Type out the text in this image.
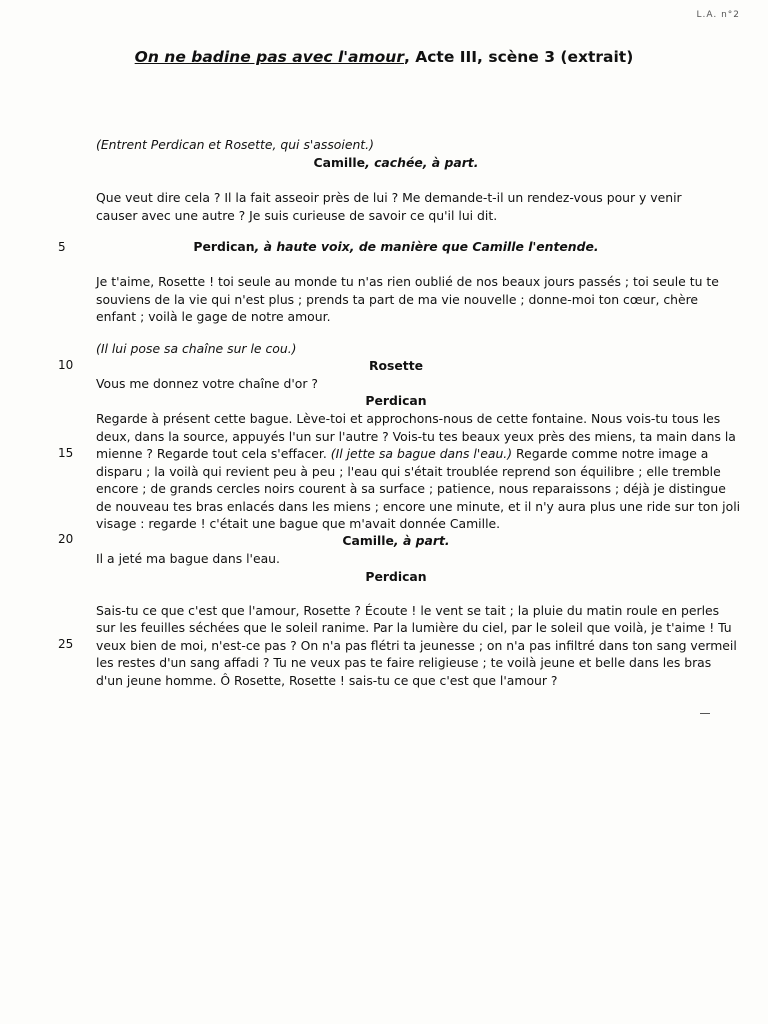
L.A. n°2
On ne badine pas avec l'amour, Acte III, scène 3 (extrait)
(Entrent Perdican et Rosette, qui s'assoient.)
Camille, cachée, à part.
Que veut dire cela ? Il la fait asseoir près de lui ? Me demande-t-il un rendez-vous pour y venir
causer avec une autre ? Je suis curieuse de savoir ce qu'il lui dit.
5	Perdican, à haute voix, de manière que Camille l'entende.
Je t'aime, Rosette ! toi seule au monde tu n'as rien oublié de nos beaux jours passés ; toi seule tu te
souviens de la vie qui n'est plus ; prends ta part de ma vie nouvelle ; donne-moi ton cœur, chère
enfant ; voilà le gage de notre amour.
(Il lui pose sa chaîne sur le cou.)
10	Rosette
Vous me donnez votre chaîne d'or ?
Perdican
Regarde à présent cette bague. Lève-toi et approchons-nous de cette fontaine. Nous vois-tu tous les
deux, dans la source, appuyés l'un sur l'autre ? Vois-tu tes beaux yeux près des miens, ta main dans la
15 mienne ? Regarde tout cela s'effacer. (Il jette sa bague dans l'eau.) Regarde comme notre image a
disparu ; la voilà qui revient peu à peu ; l'eau qui s'était troublée reprend son équilibre ; elle tremble
encore ; de grands cercles noirs courent à sa surface ; patience, nous reparaissons ; déjà je distingue
de nouveau tes bras enlacés dans les miens ; encore une minute, et il n'y aura plus une ride sur ton joli
visage : regarde ! c'était une bague que m'avait donnée Camille.
20	Camille, à part.
Il a jeté ma bague dans l'eau.
Perdican
Sais-tu ce que c'est que l'amour, Rosette ? Écoute ! le vent se tait ; la pluie du matin roule en perles
sur les feuilles séchées que le soleil ranime. Par la lumière du ciel, par le soleil que voilà, je t'aime ! Tu
25 veux bien de moi, n'est-ce pas ? On n'a pas flétri ta jeunesse ; on n'a pas infiltré dans ton sang vermeil
les restes d'un sang affadi ? Tu ne veux pas te faire religieuse ; te voilà jeune et belle dans les bras
d'un jeune homme. Ô Rosette, Rosette ! sais-tu ce que c'est que l'amour ?
